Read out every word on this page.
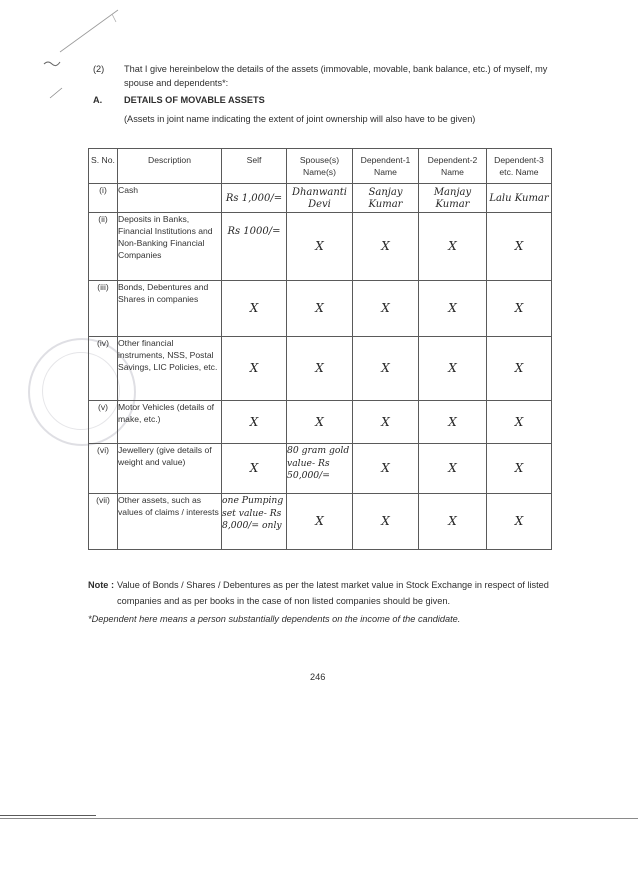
(2) That I give hereinbelow the details of the assets (immovable, movable, bank balance, etc.) of myself, my spouse and dependents*:
A. DETAILS OF MOVABLE ASSETS
(Assets in joint name indicating the extent of joint ownership will also have to be given)
S. No.	Description	Self	Spouse(s) Name(s)	Dependent-1 Name	Dependent-2 Name	Dependent-3 etc. Name
(i)	Cash	Rs 1,000/=	Dhanwanti Devi	Sanjay Kumar	Manjay Kumar	Lalu Kumar
(ii)	Deposits in Banks, Financial Institutions and Non-Banking Financial Companies	Rs 1000/=	X	X	X	X
(iii)	Bonds, Debentures and Shares in companies	X	X	X	X	X
(iv)	Other financial instruments, NSS, Postal Savings, LIC Policies, etc.	X	X	X	X	X
(v)	Motor Vehicles (details of make, etc.)	X	X	X	X	X
(vi)	Jewellery (give details of weight and value)	X	80 gram gold value- Rs 50,000/=	X	X	X
(vii)	Other assets, such as values of claims / interests	one Pumping set value- Rs 8,000/= only	X	X	X	X
Note : Value of Bonds / Shares / Debentures as per the latest market value in Stock Exchange in respect of listed companies and as per books in the case of non listed companies should be given.
*Dependent here means a person substantially dependents on the income of the candidate.
246
